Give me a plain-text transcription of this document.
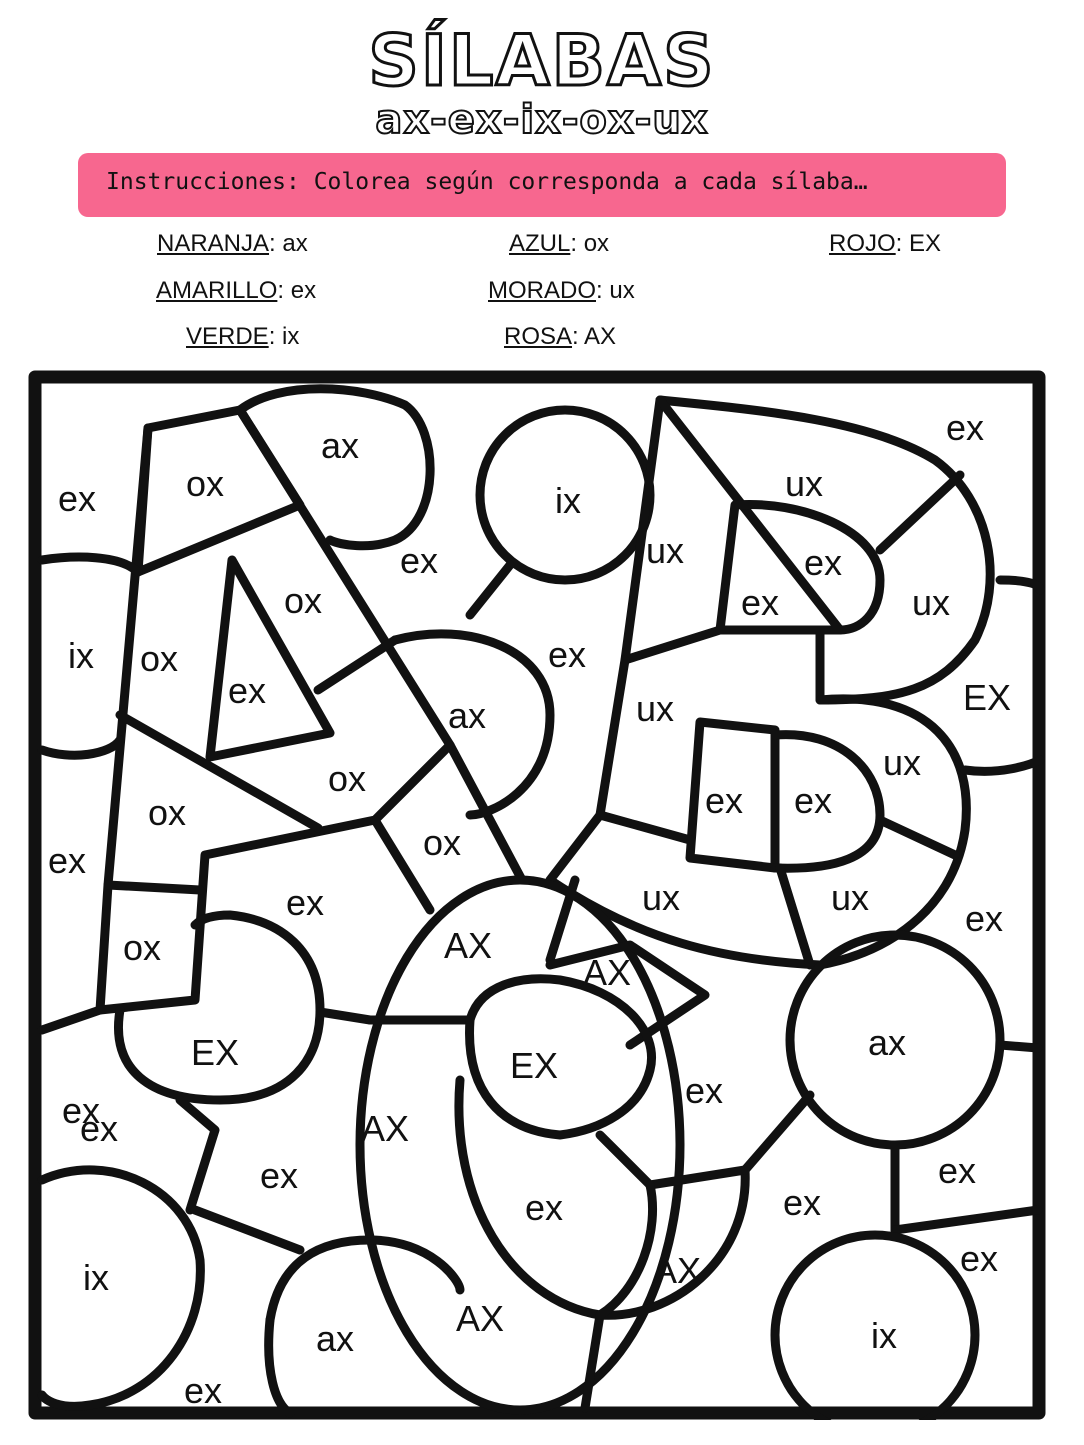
SÍLABAS
ax-ex-ix-ox-ux
Instrucciones: Colorea según corresponda a cada sílaba…
NARANJA: ax	AZUL: ox	ROJO: EX
AMARILLO: ex	MORADO: ux
VERDE: ix	ROSA: AX
ex ox
ax
ix	ux
ex
ex	ux	ex
ux
ex
ix
ox
ox
ex
ex
EX
ex
ax	ux
ux
ex
ox	ex ex
ox
ox
ex	ux	ux
ex
ox	AX
AX
ax
EX	EX
ex
ex	AX
ex	ex
ex
ex
ix	ex
AX
AX
ax	ix
ex
